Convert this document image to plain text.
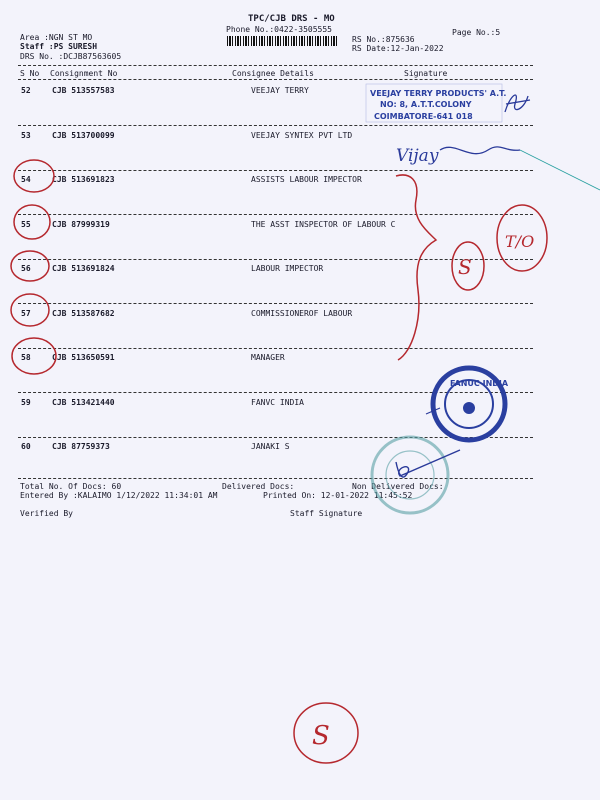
TPC/CJB DRS - MO
Phone No.:0422-3505555	Page No.:5
Area :NGN ST MO
Staff :PS SURESH
DRS No. :DCJB87563605
RS No.:875636
RS Date:12-Jan-2022
S No Consignment No	Consignee Details	Signature
52	CJB 513557583	VEEJAY TERRY
53	CJB 513700099	VEEJAY SYNTEX PVT LTD
54	CJB 513691823	ASSISTS LABOUR IMPECTOR
55	CJB 87999319	THE ASST INSPECTOR OF LABOUR C
56	CJB 513691824	LABOUR IMPECTOR
57	CJB 513587682	COMMISSIONEROF LABOUR
58	CJB 513650591	MANAGER
59	CJB 513421440	FANVC INDIA
60	CJB 87759373	JANAKI S
Total No. Of Docs: 60	Delivered Docs:	Non Delivered Docs:
Entered By :KALAIMO 1/12/2022 11:34:01 AM	Printed On: 12-01-2022 11:45:52
Verified By	Staff Signature
VEEJAY TERRY PRODUCTS' A.T.
NO: 8, A.T.T.COLONY
COIMBATORE-641 018
Vijay
S
T/O
FANUC INDIA
S
